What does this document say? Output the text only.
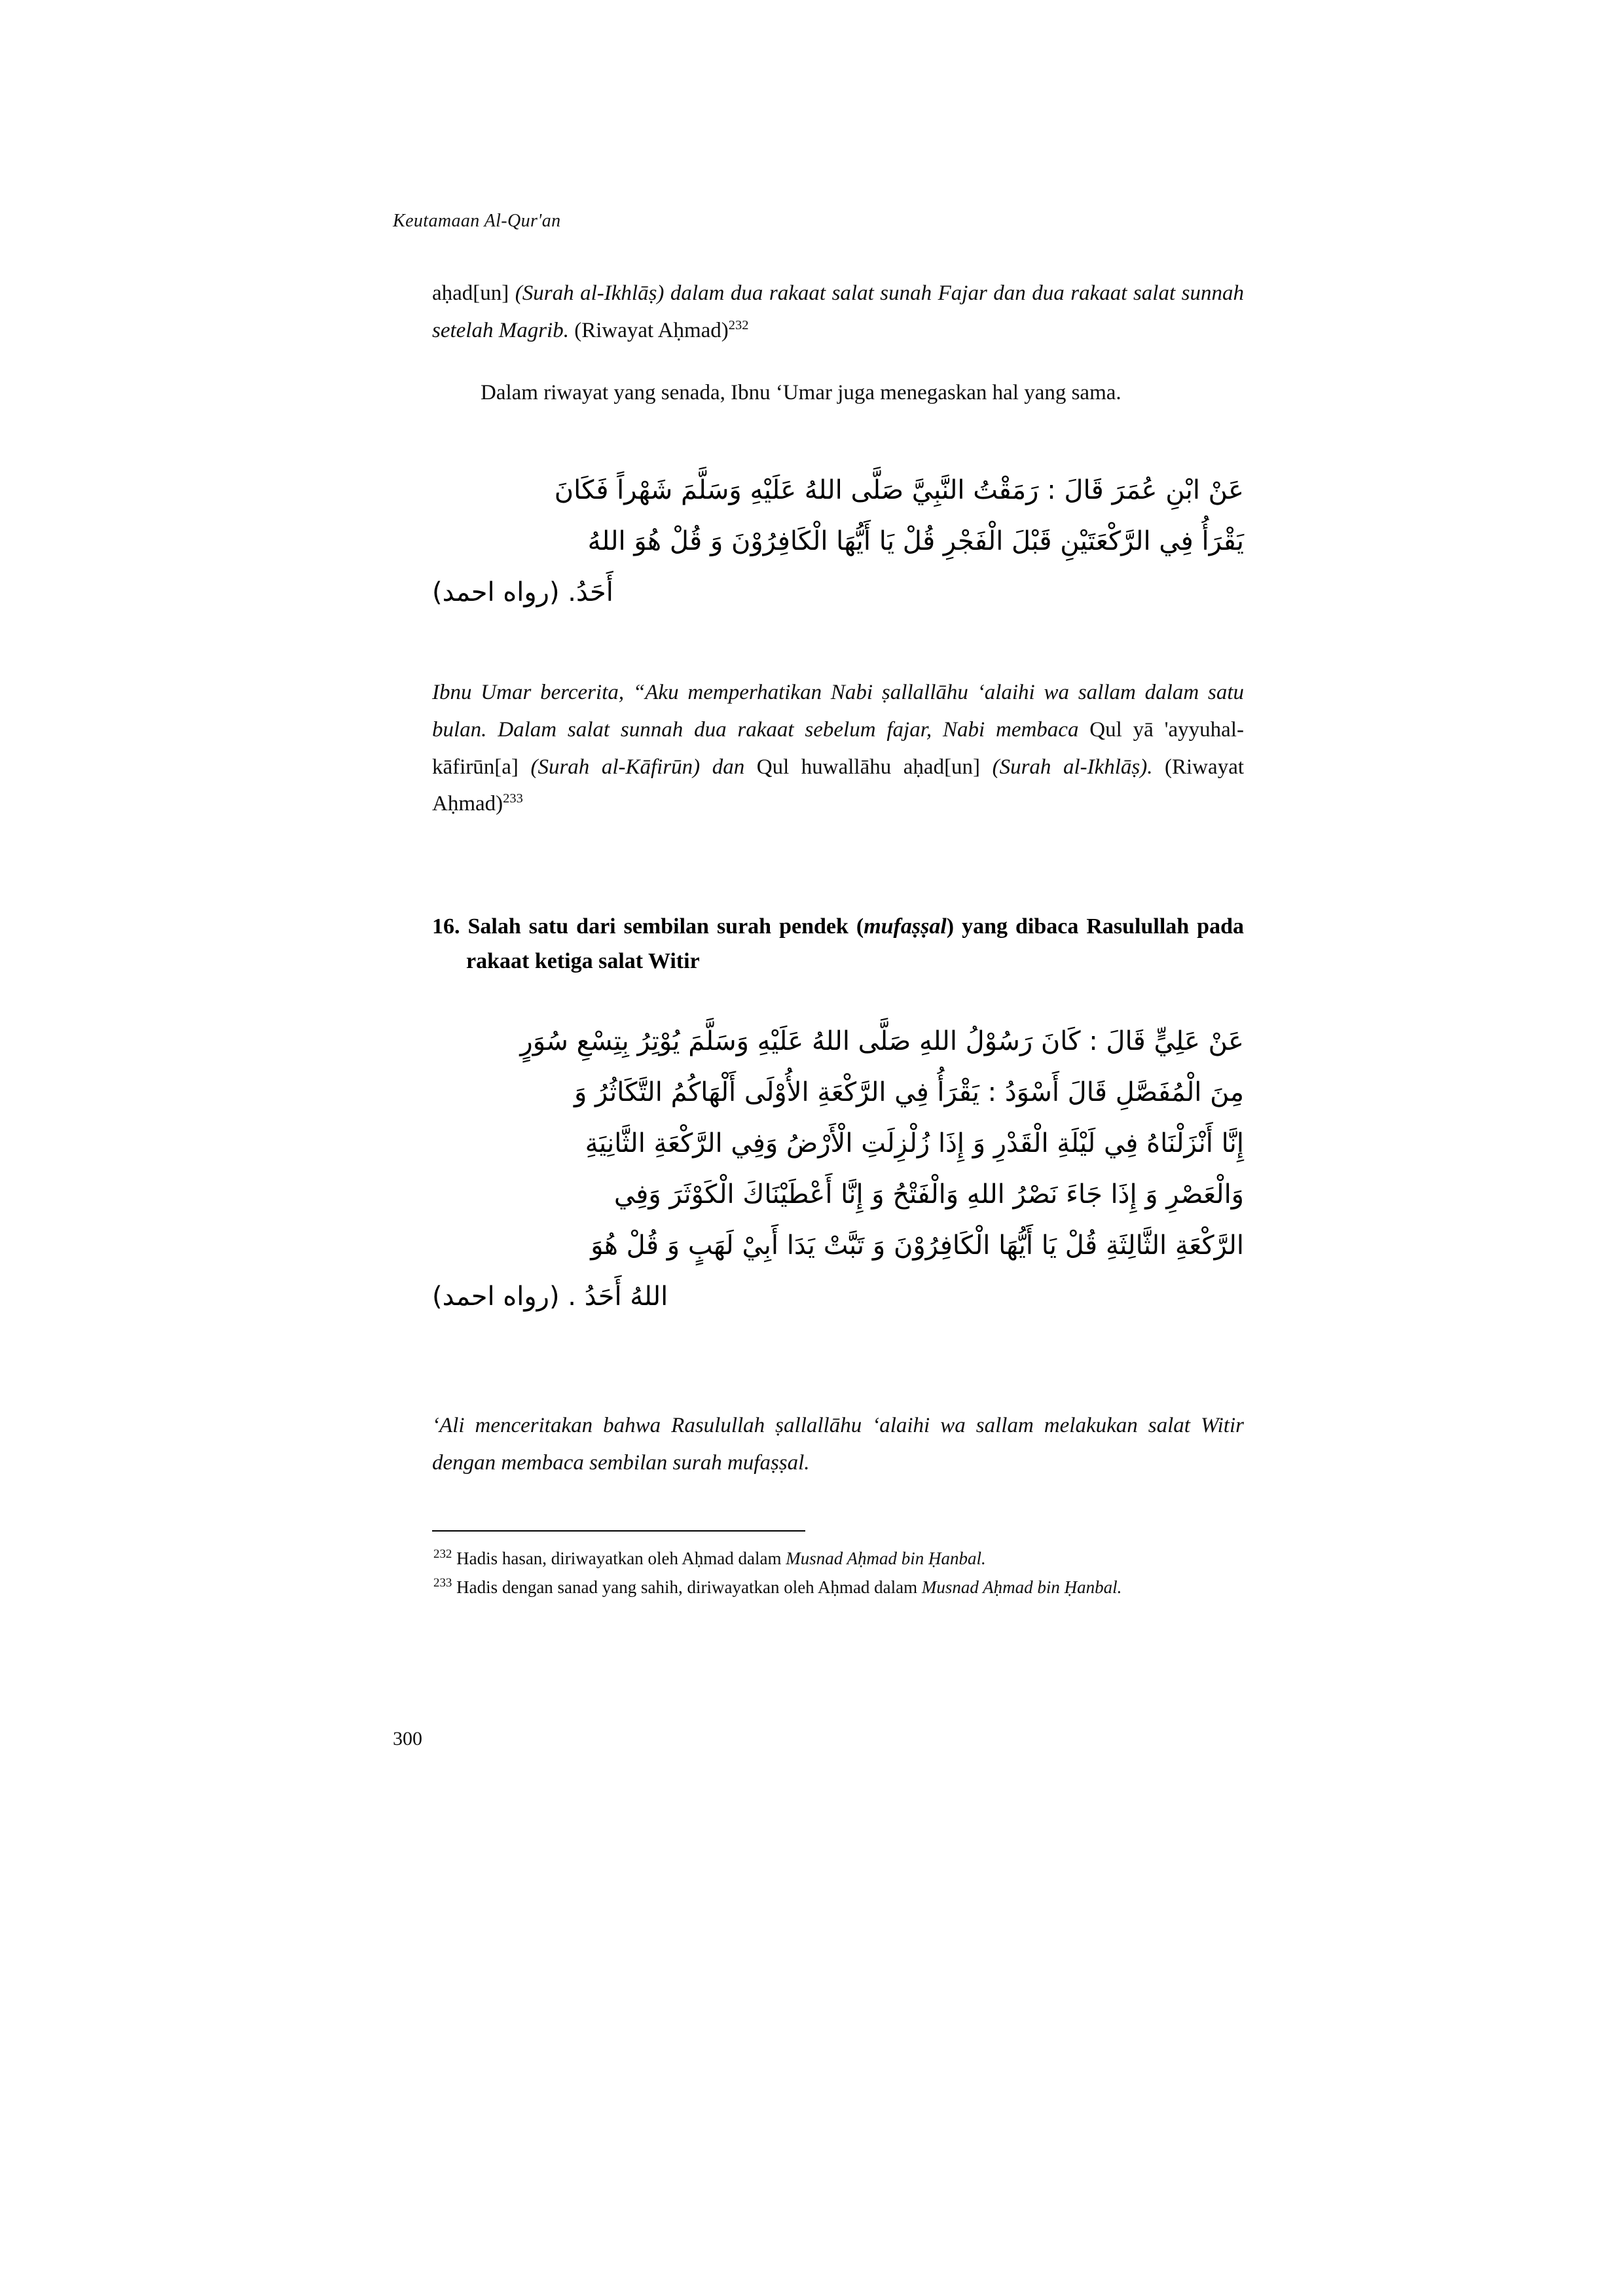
Keutamaan Al-Qur'an

aḥad[un] (Surah al-Ikhlāṣ) dalam dua rakaat salat sunah Fajar dan dua rakaat salat sunnah setelah Magrib. (Riwayat Aḥmad)$^{232}$

Dalam riwayat yang senada, Ibnu ‘Umar juga menegaskan hal yang sama.

عَنْ ابْنِ عُمَرَ قَالَ : رَمَقْتُ النَّبِيَّ صَلَّى اللهُ عَلَيْهِ وَسَلَّمَ شَهْراً فَكَانَ
يَقْرَأُ فِي الرَّكْعَتَيْنِ قَبْلَ الْفَجْرِ قُلْ يَا أَيُّهَا الْكَافِرُوْنَ وَ قُلْ هُوَ اللهُ
أَحَدُ. (رواه احمد)

Ibnu Umar bercerita, “Aku memperhatikan Nabi ṣallallāhu ‘alaihi wa sallam dalam satu bulan. Dalam salat sunnah dua rakaat sebelum fajar, Nabi membaca Qul yā 'ayyuhal- kāfirūn[a] (Surah al-Kāfirūn) dan Qul huwallāhu aḥad[un] (Surah al-Ikhlāṣ). (Riwayat Aḥmad)$^{233}$

16. Salah satu dari sembilan surah pendek (mufaṣṣal) yang dibaca Rasulullah pada rakaat ketiga salat Witir
عَنْ عَلِيٍّ قَالَ : كَانَ رَسُوْلُ اللهِ صَلَّى اللهُ عَلَيْهِ وَسَلَّمَ يُوْتِرُ بِتِسْعِ سُوَرٍ
مِنَ الْمُفَصَّلِ قَالَ أَسْوَدُ : يَقْرَأُ فِي الرَّكْعَةِ الأُوْلَى أَلْهَاكُمُ التَّكَاثُرُ وَ
إِنَّا أَنْزَلْنَاهُ فِي لَيْلَةِ الْقَدْرِ وَ إِذَا زُلْزِلَتِ الْأَرْضُ وَفِي الرَّكْعَةِ الثَّانِيَةِ
وَالْعَصْرِ وَ إِذَا جَاءَ نَصْرُ اللهِ وَالْفَتْحُ وَ إِنَّا أَعْطَيْنَاكَ الْكَوْثَرَ وَفِي
الرَّكْعَةِ الثَّالِثَةِ قُلْ يَا أَيُّهَا الْكَافِرُوْنَ وَ تَبَّتْ يَدَا أَبِيْ لَهَبٍ وَ قُلْ هُوَ
اللهُ أَحَدُ . (رواه احمد)

‘Ali menceritakan bahwa Rasulullah ṣallallāhu ‘alaihi wa sallam melakukan salat Witir dengan membaca sembilan surah mufaṣṣal.

$^{232}$ Hadis hasan, diriwayatkan oleh Aḥmad dalam Musnad Aḥmad bin Ḥanbal.
$^{233}$ Hadis dengan sanad yang sahih, diriwayatkan oleh Aḥmad dalam Musnad Aḥmad bin Ḥanbal.
300
